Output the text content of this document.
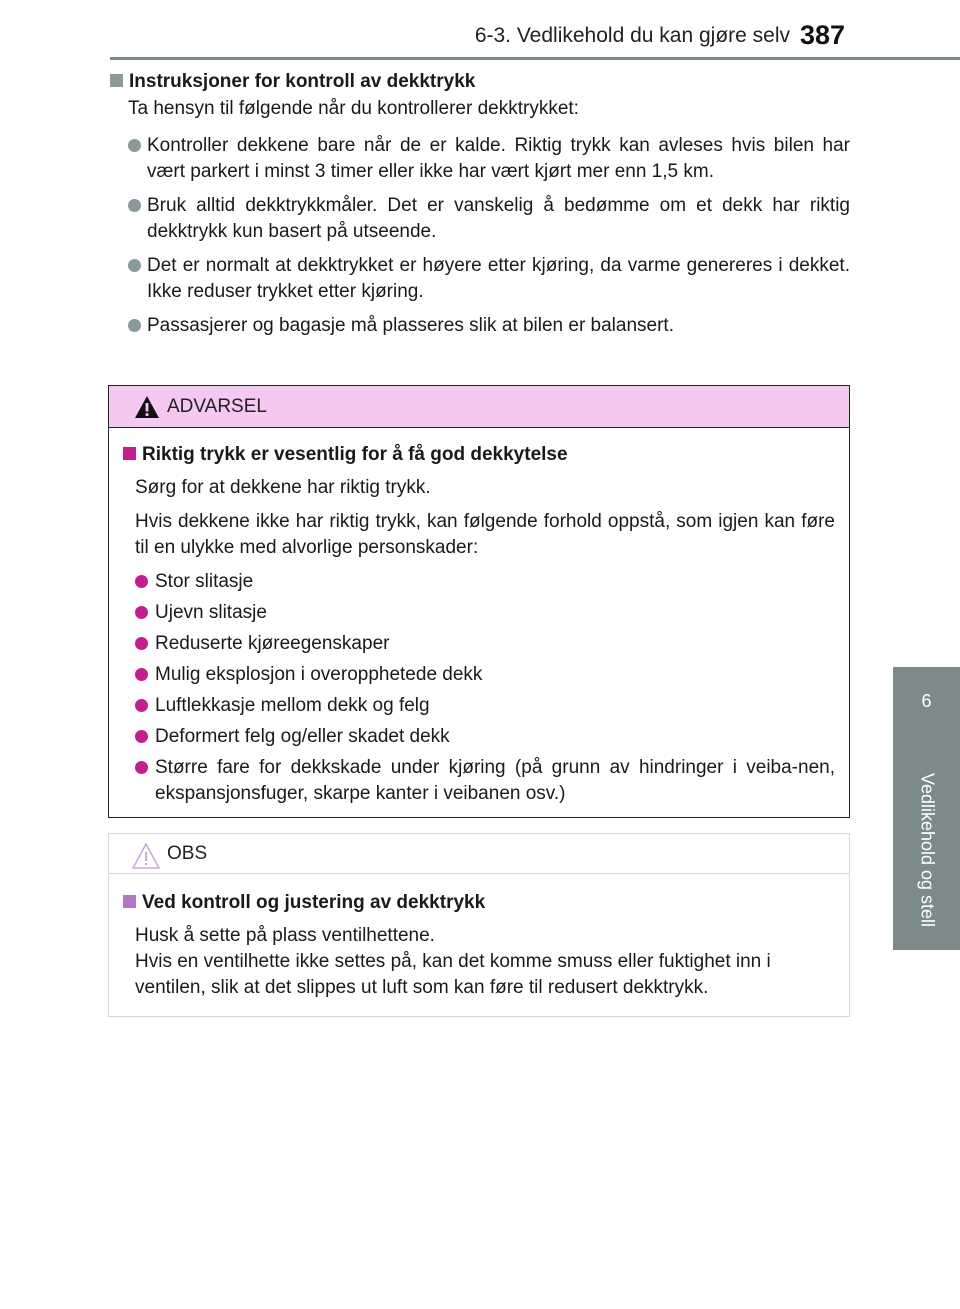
6-3. Vedlikehold du kan gjøre selv 387
6
Vedlikehold og stell
Instruksjoner for kontroll av dekktrykk
Ta hensyn til følgende når du kontrollerer dekktrykket:
Kontroller dekkene bare når de er kalde. Riktig trykk kan avleses hvis bilen har vært parkert i minst 3 timer eller ikke har vært kjørt mer enn 1,5 km.
Bruk alltid dekktrykkmåler. Det er vanskelig å bedømme om et dekk har riktig dekktrykk kun basert på utseende.
Det er normalt at dekktrykket er høyere etter kjøring, da varme genereres i dekket. Ikke reduser trykket etter kjøring.
Passasjerer og bagasje må plasseres slik at bilen er balansert.
ADVARSEL
Riktig trykk er vesentlig for å få god dekkytelse
Sørg for at dekkene har riktig trykk.
Hvis dekkene ikke har riktig trykk, kan følgende forhold oppstå, som igjen kan føre til en ulykke med alvorlige personskader:
Stor slitasje
Ujevn slitasje
Reduserte kjøreegenskaper
Mulig eksplosjon i overopphetede dekk
Luftlekkasje mellom dekk og felg
Deformert felg og/eller skadet dekk
Større fare for dekkskade under kjøring (på grunn av hindringer i veiba-nen, ekspansjonsfuger, skarpe kanter i veibanen osv.)
OBS
Ved kontroll og justering av dekktrykk
Husk å sette på plass ventilhettene.
Hvis en ventilhette ikke settes på, kan det komme smuss eller fuktighet inn i ventilen, slik at det slippes ut luft som kan føre til redusert dekktrykk.
